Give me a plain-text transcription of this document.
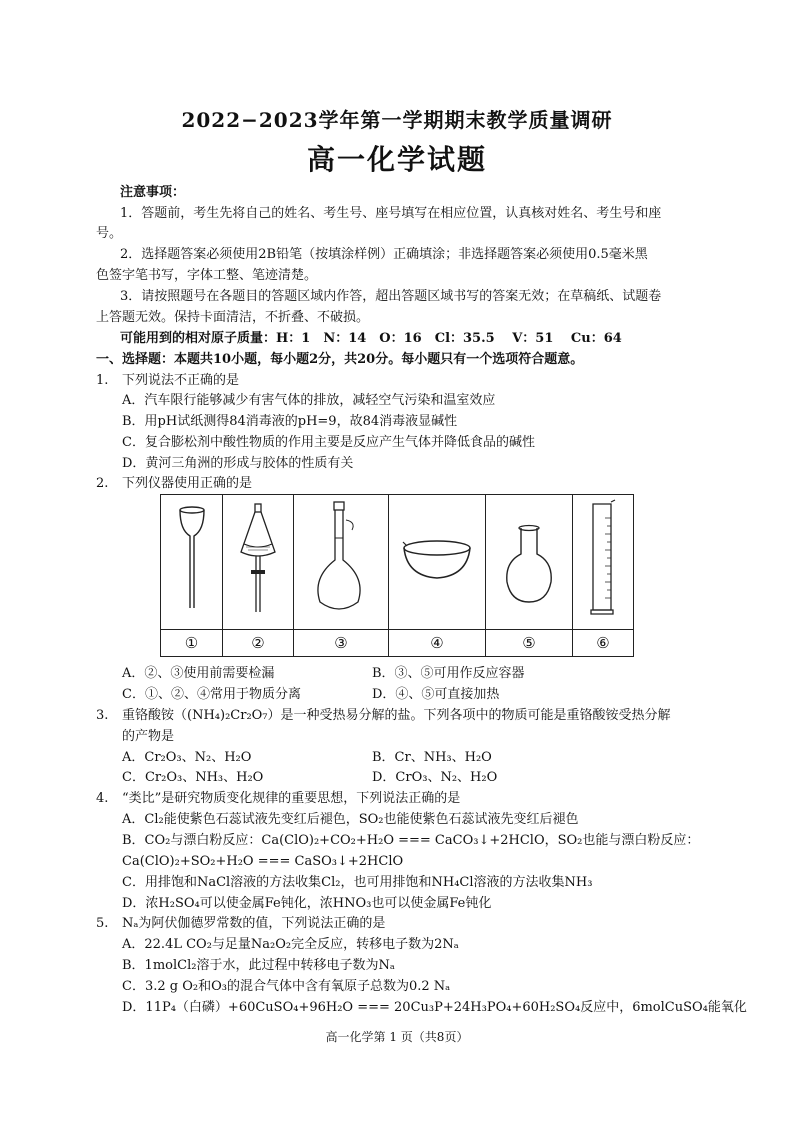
2022−2023学年第一学期期末教学质量调研
高一化学试题
注意事项：
1．答题前，考生先将自己的姓名、考生号、座号填写在相应位置，认真核对姓名、考生号和座
号。
2．选择题答案必须使用2B铅笔（按填涂样例）正确填涂；非选择题答案必须使用0.5毫米黑
色签字笔书写，字体工整、笔迹清楚。
3．请按照题号在各题目的答题区域内作答，超出答题区域书写的答案无效；在草稿纸、试题卷
上答题无效。保持卡面清洁，不折叠、不破损。
可能用到的相对原子质量：H：1　N：14　O：16　Cl：35.5　 V：51　 Cu：64
一、选择题：本题共10小题，每小题2分，共20分。每小题只有一个选项符合题意。
1. 下列说法不正确的是
A．汽车限行能够减少有害气体的排放，减轻空气污染和温室效应
B．用pH试纸测得84消毒液的pH=9，故84消毒液显碱性
C．复合膨松剂中酸性物质的作用主要是反应产生气体并降低食品的碱性
D．黄河三角洲的形成与胶体的性质有关
2. 下列仪器使用正确的是

①	②	③	④	⑤	⑥
A．②、③使用前需要检漏	B．③、⑤可用作反应容器
C．①、②、④常用于物质分离	D．④、⑤可直接加热
3. 重铬酸铵（(NH₄)₂Cr₂O₇）是一种受热易分解的盐。下列各项中的物质可能是重铬酸铵受热分解
的产物是
A．Cr₂O₃、N₂、H₂O	B．Cr、NH₃、H₂O
C．Cr₂O₃、NH₃、H₂O	D．CrO₃、N₂、H₂O
4. “类比”是研究物质变化规律的重要思想，下列说法正确的是
A．Cl₂能使紫色石蕊试液先变红后褪色，SO₂也能使紫色石蕊试液先变红后褪色
B．CO₂与漂白粉反应：Ca(ClO)₂+CO₂+H₂O === CaCO₃↓+2HClO，SO₂也能与漂白粉反应：
Ca(ClO)₂+SO₂+H₂O === CaSO₃↓+2HClO
C．用排饱和NaCl溶液的方法收集Cl₂，也可用排饱和NH₄Cl溶液的方法收集NH₃
D．浓H₂SO₄可以使金属Fe钝化，浓HNO₃也可以使金属Fe钝化
5. Nₐ为阿伏伽德罗常数的值，下列说法正确的是
A．22.4L CO₂与足量Na₂O₂完全反应，转移电子数为2Nₐ
B．1molCl₂溶于水，此过程中转移电子数为Nₐ
C．3.2 g O₂和O₃的混合气体中含有氧原子总数为0.2 Nₐ
D．11P₄（白磷）+60CuSO₄+96H₂O === 20Cu₃P+24H₃PO₄+60H₂SO₄反应中，6molCuSO₄能氧化
高一化学第 1 页（共8页）
